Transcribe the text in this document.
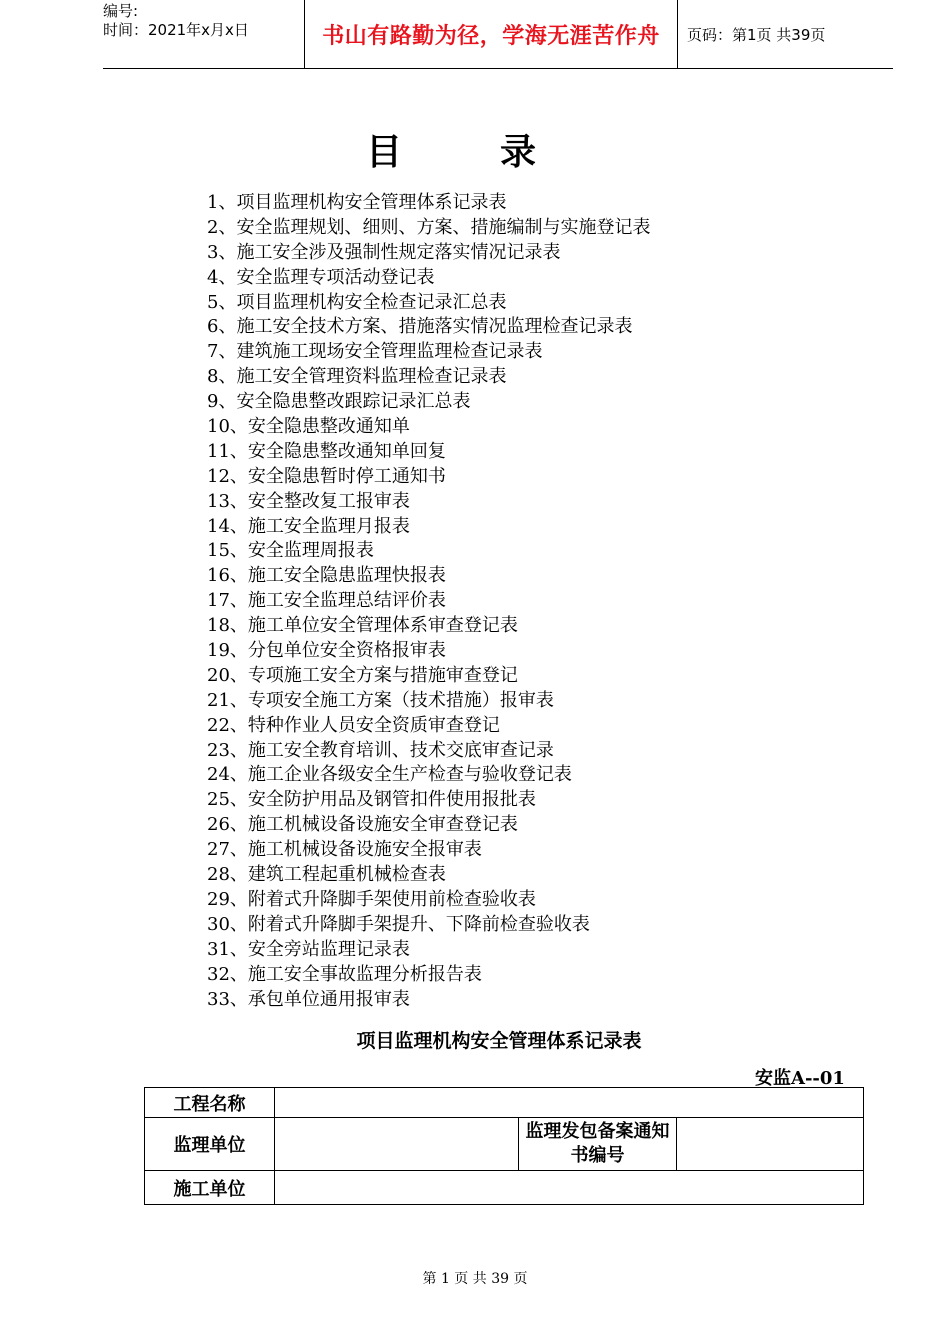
编号:
时间：2021年x月x日	书山有路勤为径，学海无涯苦作舟	页码：第1页 共39页
目录
1、项目监理机构安全管理体系记录表
2、安全监理规划、细则、方案、措施编制与实施登记表
3、施工安全涉及强制性规定落实情况记录表
4、安全监理专项活动登记表
5、项目监理机构安全检查记录汇总表
6、施工安全技术方案、措施落实情况监理检查记录表
7、建筑施工现场安全管理监理检查记录表
8、施工安全管理资料监理检查记录表
9、安全隐患整改跟踪记录汇总表
10、安全隐患整改通知单
11、安全隐患整改通知单回复
12、安全隐患暂时停工通知书
13、安全整改复工报审表
14、施工安全监理月报表
15、安全监理周报表
16、施工安全隐患监理快报表
17、施工安全监理总结评价表
18、施工单位安全管理体系审查登记表
19、分包单位安全资格报审表
20、专项施工安全方案与措施审查登记
21、专项安全施工方案（技术措施）报审表
22、特种作业人员安全资质审查登记
23、施工安全教育培训、技术交底审查记录
24、施工企业各级安全生产检查与验收登记表
25、安全防护用品及钢管扣件使用报批表
26、施工机械设备设施安全审查登记表
27、施工机械设备设施安全报审表
28、建筑工程起重机械检查表
29、附着式升降脚手架使用前检查验收表
30、附着式升降脚手架提升、下降前检查验收表
31、安全旁站监理记录表
32、施工安全事故监理分析报告表
33、承包单位通用报审表
项目监理机构安全管理体系记录表
安监A--01
工程名称			
监理单位		监理发包备案通知书编号	
施工单位			
第 1 页 共 39 页
